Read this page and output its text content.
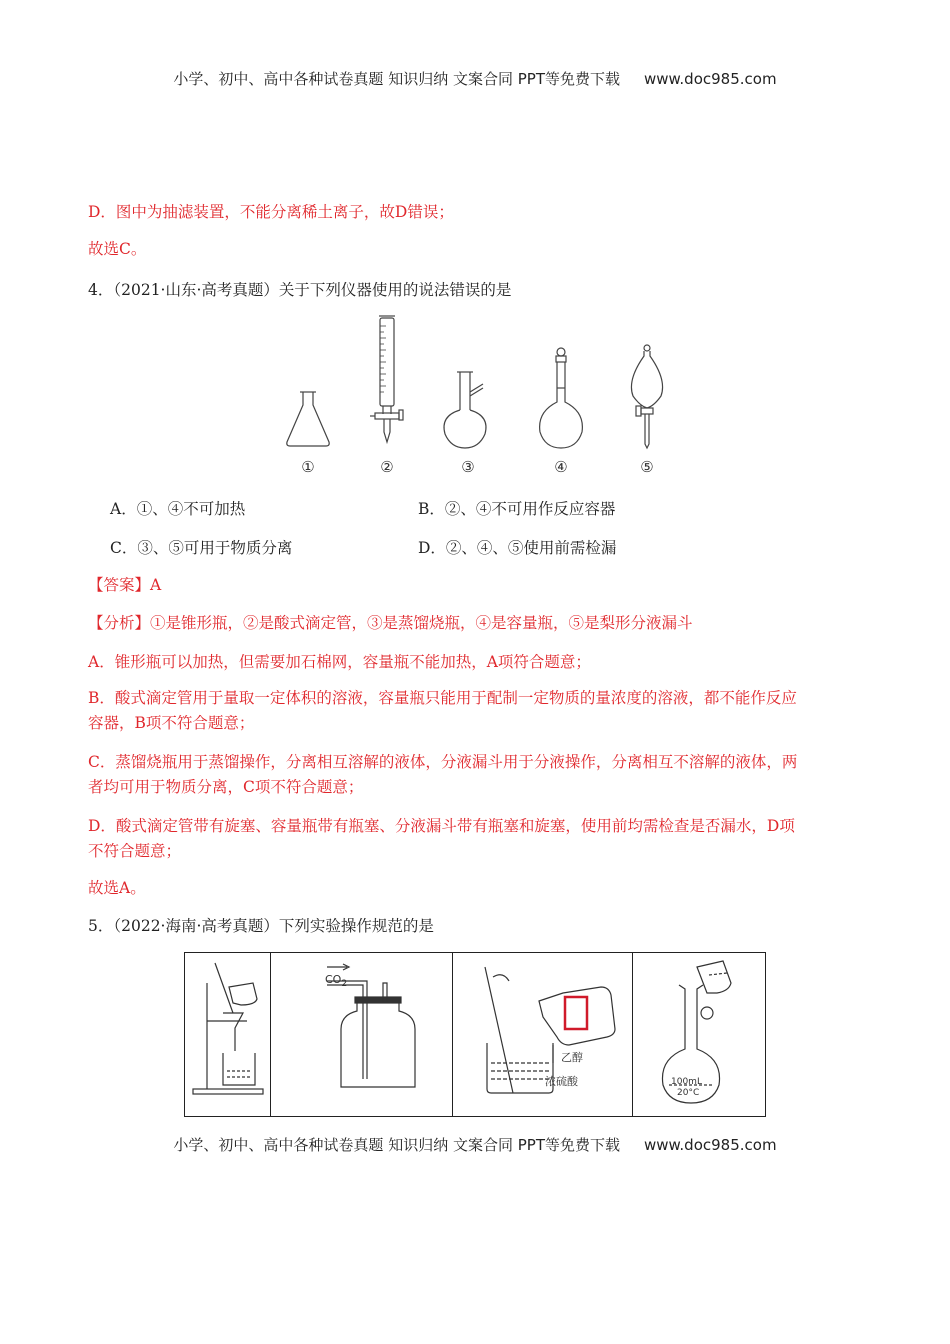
小学、初中、高中各种试卷真题 知识归纳 文案合同 PPT等免费下载 www.doc985.com
D．图中为抽滤装置，不能分离稀土离子，故D错误；
故选C。
4．（2021·山东·高考真题）关于下列仪器使用的说法错误的是
①	②	③	④	⑤
A．①、④不可加热	B．②、④不可用作反应容器
C．③、⑤可用于物质分离	D．②、④、⑤使用前需检漏
【答案】A
【分析】①是锥形瓶，②是酸式滴定管，③是蒸馏烧瓶，④是容量瓶，⑤是梨形分液漏斗
A．锥形瓶可以加热，但需要加石棉网，容量瓶不能加热，A项符合题意；
B．酸式滴定管用于量取一定体积的溶液，容量瓶只能用于配制一定物质的量浓度的溶液，都不能作反应
容器，B项不符合题意；
C．蒸馏烧瓶用于蒸馏操作，分离相互溶解的液体，分液漏斗用于分液操作，分离相互不溶解的液体，两
者均可用于物质分离，C项不符合题意；
D．酸式滴定管带有旋塞、容量瓶带有瓶塞、分液漏斗带有瓶塞和旋塞，使用前均需检查是否漏水，D项
不符合题意；
故选A。
5．（2022·海南·高考真题）下列实验操作规范的是
$CO_2$
乙醇
浓硫酸	100mL
20°C
小学、初中、高中各种试卷真题 知识归纳 文案合同 PPT等免费下载 www.doc985.com
